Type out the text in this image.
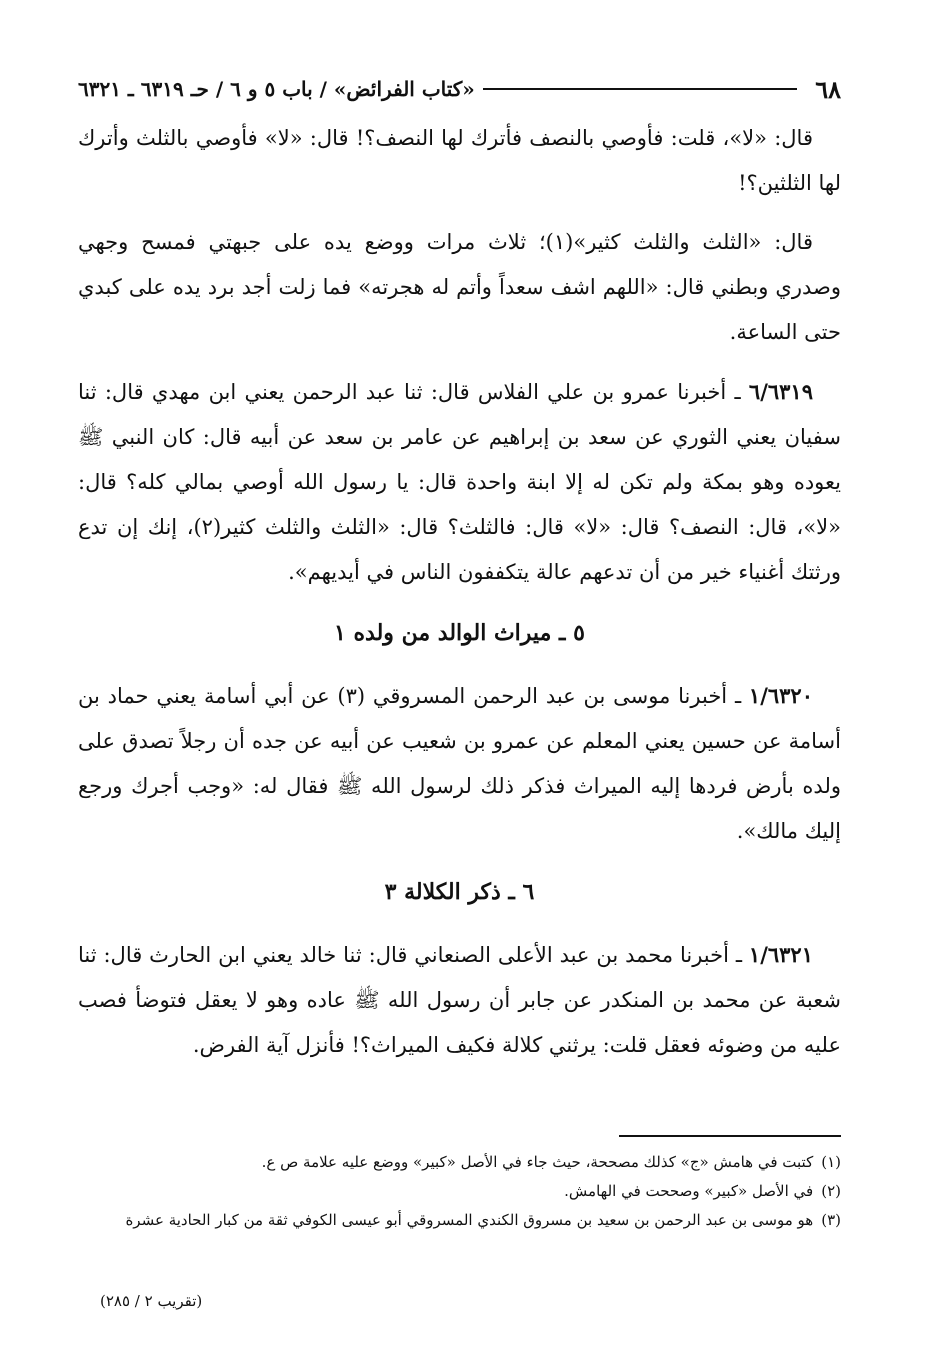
٦٨
«كتاب الفرائض» / باب ٥ و ٦ / حـ ٦٣١٩ ـ ٦٣٢١

قال: «لا»، قلت: فأوصي بالنصف فأترك لها النصف؟! قال: «لا» فأوصي بالثلث وأترك لها الثلثين؟!

قال: «الثلث والثلث كثير»(١)؛ ثلاث مرات ووضع يده على جبهتي فمسح وجهي وصدري وبطني قال: «اللهم اشف سعداً وأتم له هجرته» فما زلت أجد برد يده على كبدي حتى الساعة.

٦/٦٣١٩ ـ أخبرنا عمرو بن علي الفلاس قال: ثنا عبد الرحمن يعني ابن مهدي قال: ثنا سفيان يعني الثوري عن سعد بن إبراهيم عن عامر بن سعد عن أبيه قال: كان النبي ﷺ يعوده وهو بمكة ولم تكن له إلا ابنة واحدة قال: يا رسول الله أوصي بمالي كله؟ قال: «لا»، قال: النصف؟ قال: «لا» قال: فالثلث؟ قال: «الثلث والثلث كثير(٢)، إنك إن تدع ورثتك أغنياء خير من أن تدعهم عالة يتكففون الناس في أيديهم».

٥ ـ ميراث الوالد من ولده ١

١/٦٣٢٠ ـ أخبرنا موسى بن عبد الرحمن المسروقي (٣) عن أبي أسامة يعني حماد بن أسامة عن حسين يعني المعلم عن عمرو بن شعيب عن أبيه عن جده أن رجلاً تصدق على ولده بأرض فردها إليه الميراث فذكر ذلك لرسول الله ﷺ فقال له: «وجب أجرك ورجع إليك مالك».

٦ ـ ذكر الكلالة ٣

١/٦٣٢١ ـ أخبرنا محمد بن عبد الأعلى الصنعاني قال: ثنا خالد يعني ابن الحارث قال: ثنا شعبة عن محمد بن المنكدر عن جابر أن رسول الله ﷺ عاده وهو لا يعقل فتوضأ فصب عليه من وضوئه فعقل قلت: يرثني كلالة فكيف الميراث؟! فأنزل آية الفرض.

(١)
كتبت في هامش «ج» كذلك مصححة، حيث جاء في الأصل «كبير» ووضع عليه علامة ص ع.
(٢)
في الأصل «كبير» وصححت في الهامش.
(٣)
هو موسى بن عبد الرحمن بن سعيد بن مسروق الكندي المسروقي أبو عيسى الكوفي ثقة من كبار الحادية عشرة
(تقريب ٢ / ٢٨٥)
